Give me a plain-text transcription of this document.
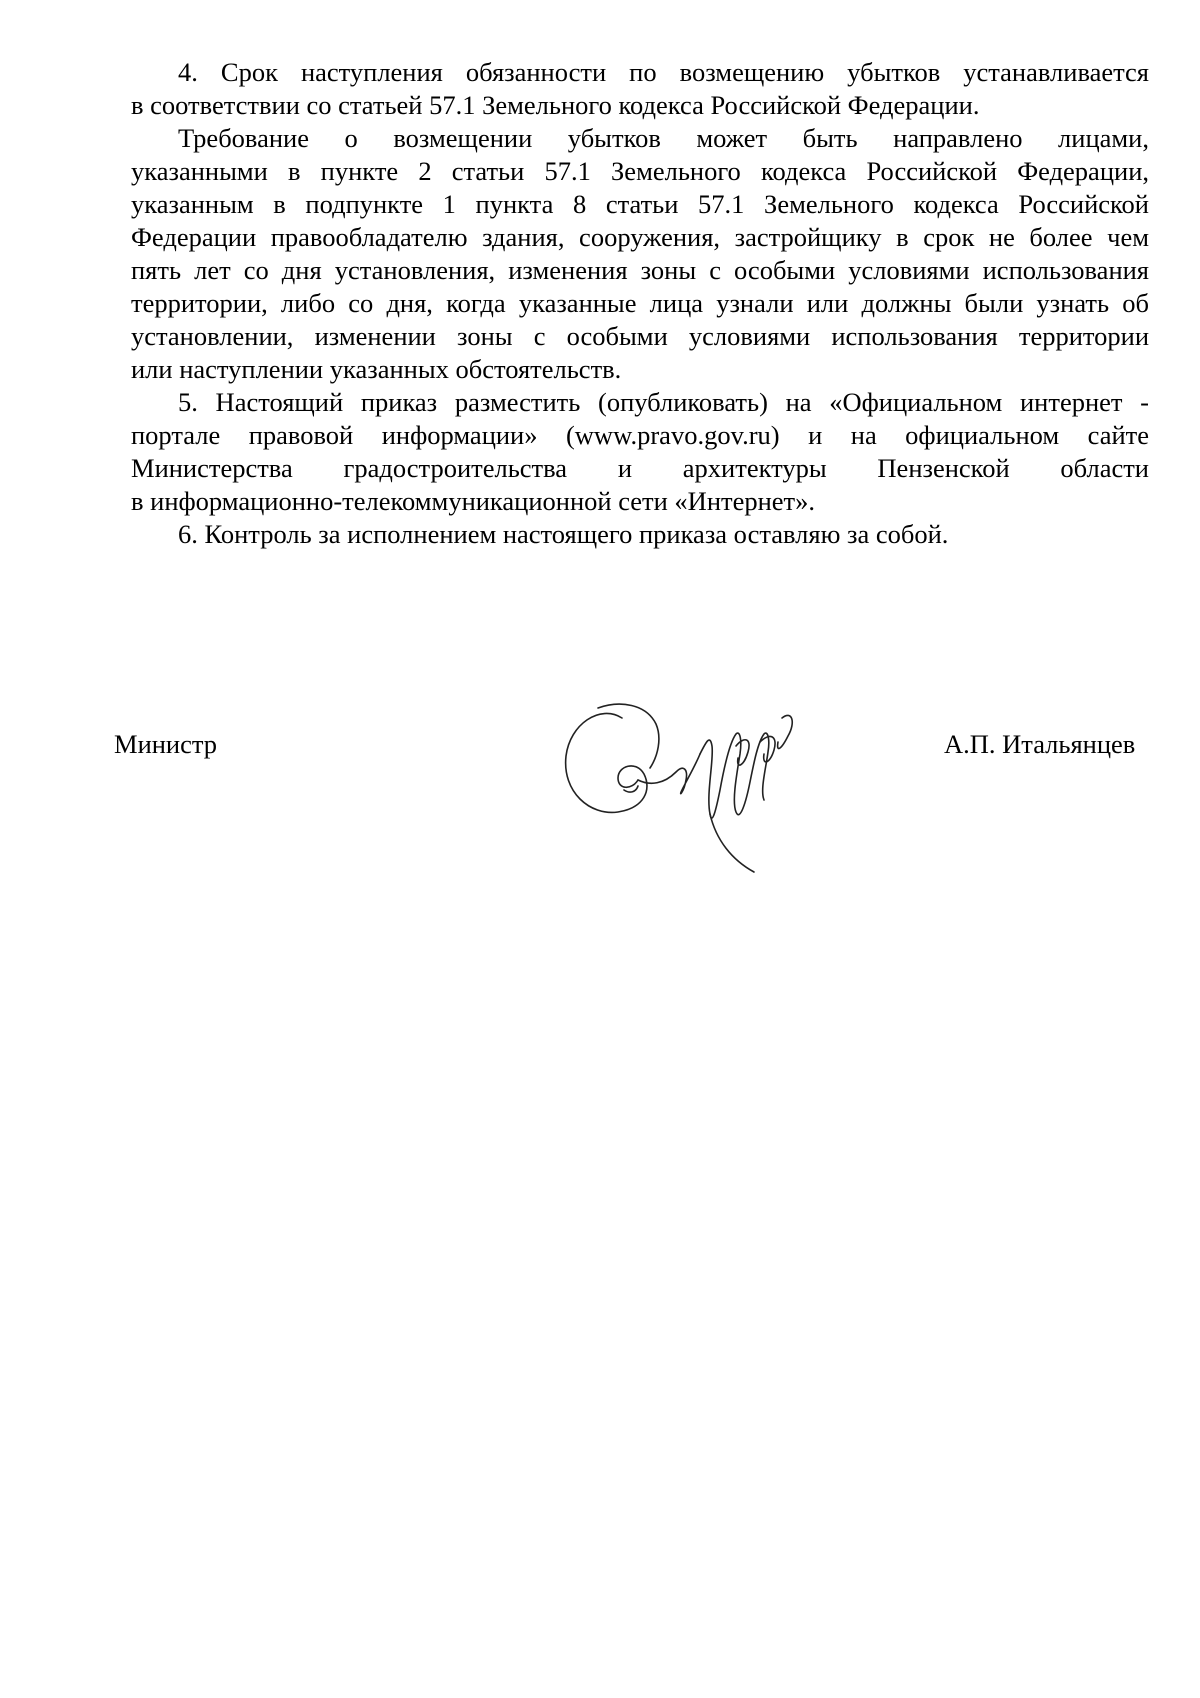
4. Срок наступления обязанности по возмещению убытков устанавливается
в соответствии со статьей 57.1 Земельного кодекса Российской Федерации.

Требование о возмещении убытков может быть направлено лицами,
указанными в пункте 2 статьи 57.1 Земельного кодекса Российской Федерации,
указанным в подпункте 1 пункта 8 статьи 57.1 Земельного кодекса Российской
Федерации правообладателю здания, сооружения, застройщику в срок не более чем
пять лет со дня установления, изменения зоны с особыми условиями использования
территории, либо со дня, когда указанные лица узнали или должны были узнать об
установлении, изменении зоны с особыми условиями использования территории
или наступлении указанных обстоятельств.

5. Настоящий приказ разместить (опубликовать) на «Официальном интернет -
портале правовой информации» (www.pravo.gov.ru) и на официальном сайте
Министерства градостроительства и архитектуры Пензенской области
в информационно-телекоммуникационной сети «Интернет».

6. Контроль за исполнением настоящего приказа оставляю за собой.

Министр	А.П. Итальянцев
